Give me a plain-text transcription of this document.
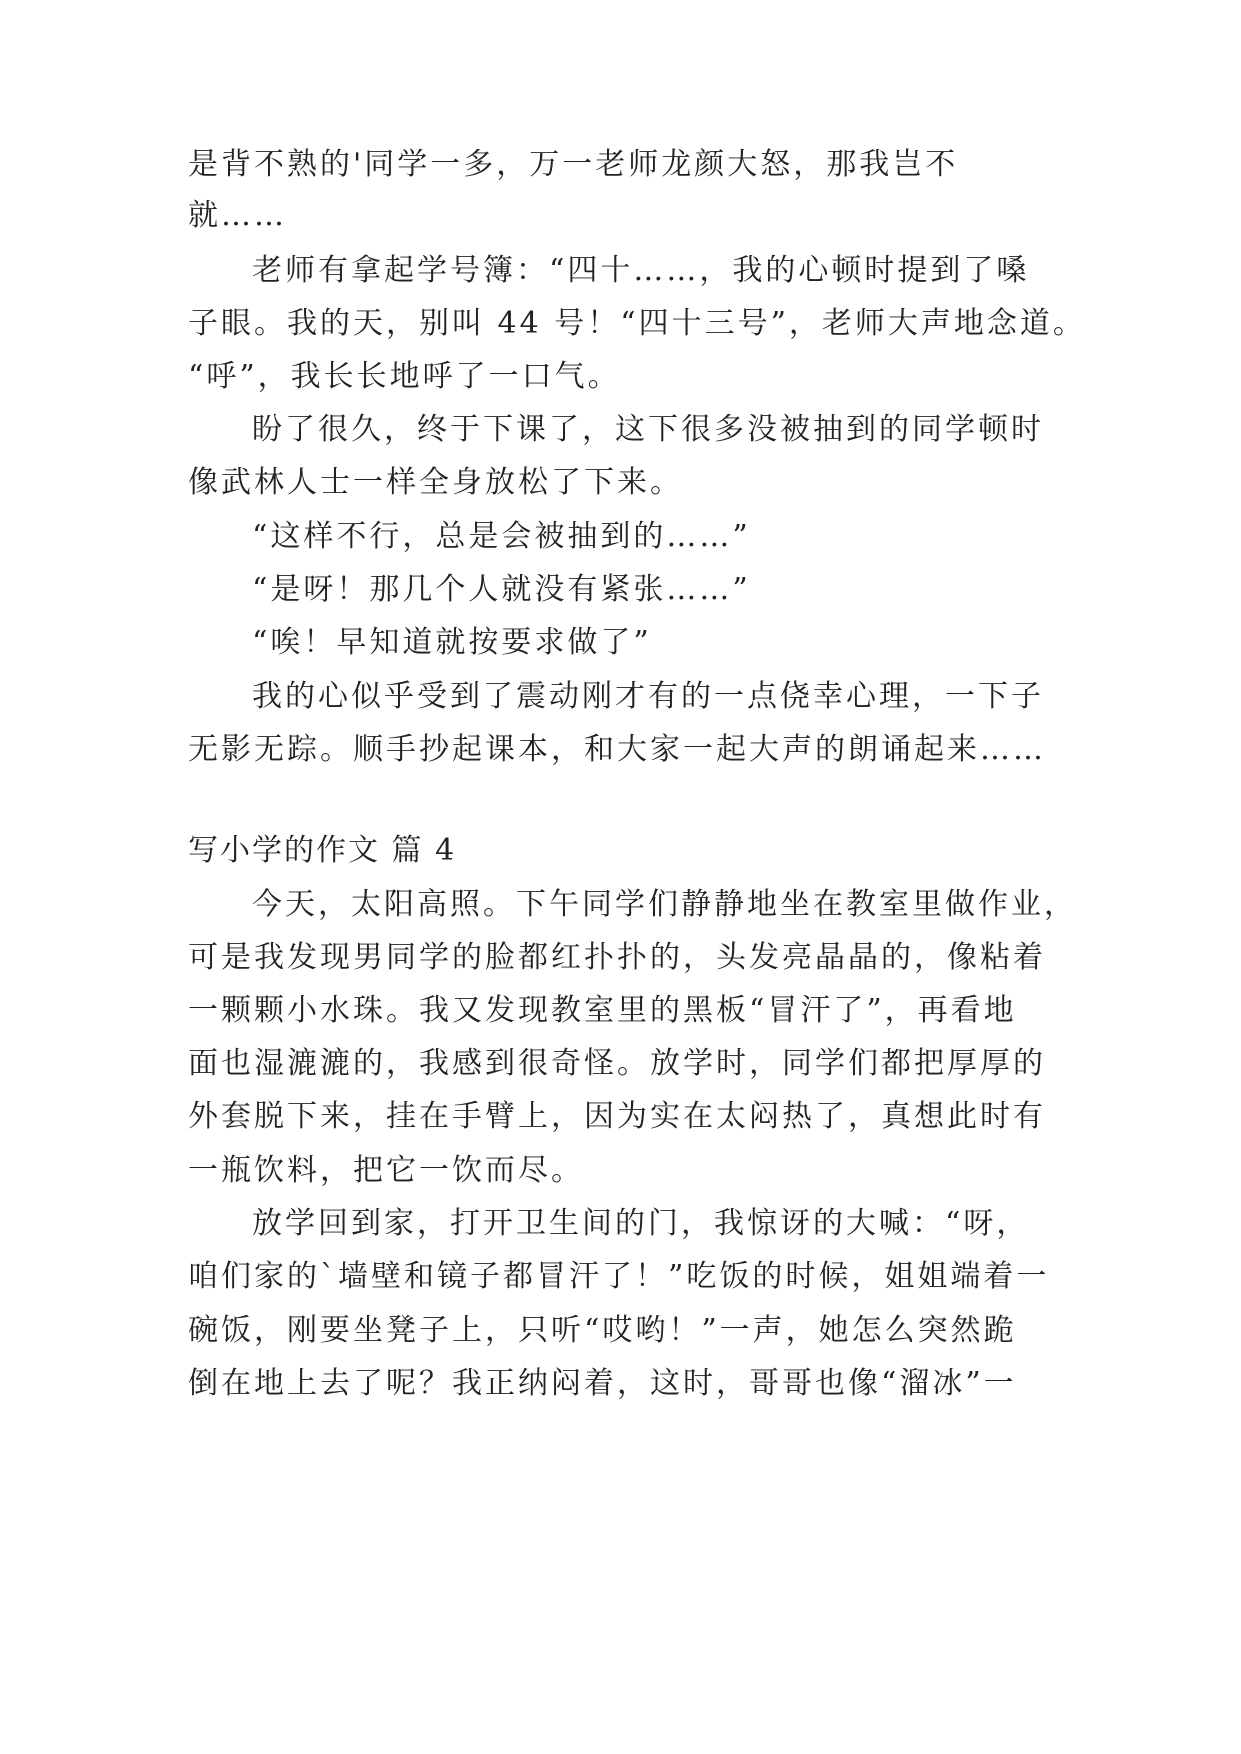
是背不熟的'同学一多，万一老师龙颜大怒，那我岂不
就……
老师有拿起学号簿：“四十……，我的心顿时提到了嗓
子眼。我的天，别叫 44 号！“四十三号”，老师大声地念道。
“呼”，我长长地呼了一口气。
盼了很久，终于下课了，这下很多没被抽到的同学顿时
像武林人士一样全身放松了下来。
“这样不行，总是会被抽到的……”
“是呀！那几个人就没有紧张……”
“唉！早知道就按要求做了”
我的心似乎受到了震动刚才有的一点侥幸心理，一下子
无影无踪。顺手抄起课本，和大家一起大声的朗诵起来……
写小学的作文 篇 4
今天，太阳高照。下午同学们静静地坐在教室里做作业，
可是我发现男同学的脸都红扑扑的，头发亮晶晶的，像粘着
一颗颗小水珠。我又发现教室里的黑板“冒汗了”，再看地
面也湿漉漉的，我感到很奇怪。放学时，同学们都把厚厚的
外套脱下来，挂在手臂上，因为实在太闷热了，真想此时有
一瓶饮料，把它一饮而尽。
放学回到家，打开卫生间的门，我惊讶的大喊：“呀，
咱们家的`墙壁和镜子都冒汗了！”吃饭的时候，姐姐端着一
碗饭，刚要坐凳子上，只听“哎哟！”一声，她怎么突然跪
倒在地上去了呢？我正纳闷着，这时，哥哥也像“溜冰”一
